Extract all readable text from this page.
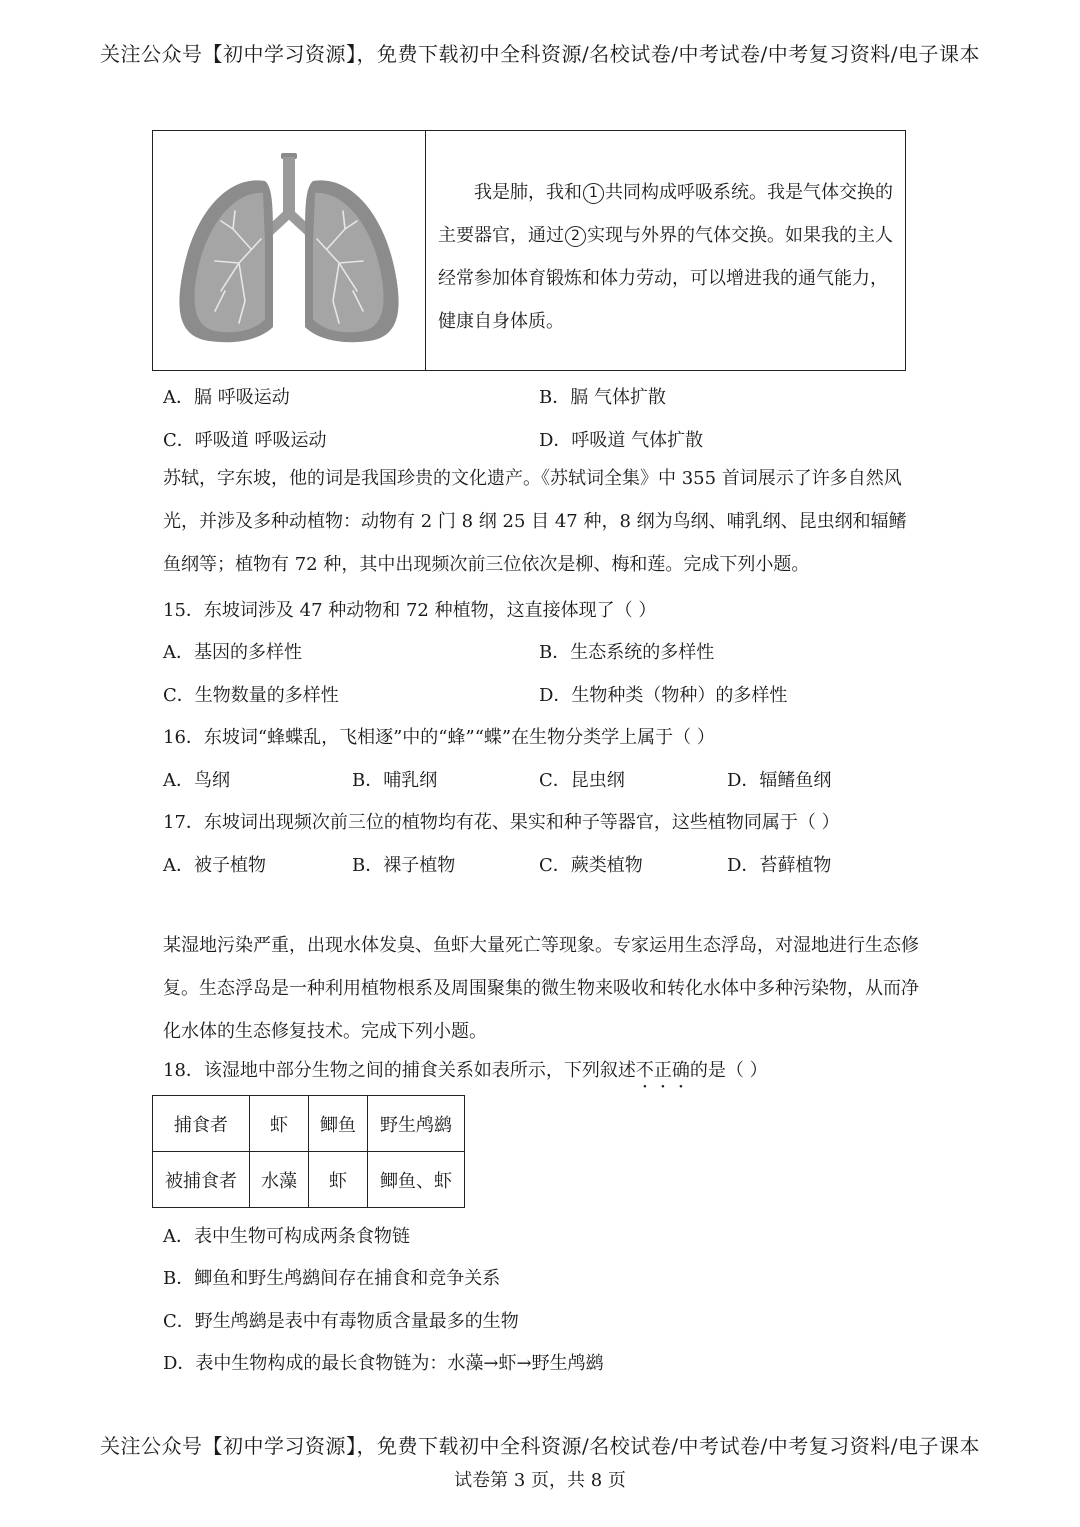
关注公众号【初中学习资源】，免费下载初中全科资源/名校试卷/中考试卷/中考复习资料/电子课本
我是肺，我和 1 共同构成呼吸系统。我是气体交换的主要器官，通过 2 实现与外界的气体交换。如果我的主人经常参加体育锻炼和体力劳动，可以增进我的通气能力，健康自身体质。
A．膈 呼吸运动	B．膈 气体扩散
C．呼吸道 呼吸运动	D．呼吸道 气体扩散
苏轼，字东坡，他的词是我国珍贵的文化遗产。《苏轼词全集》中 355 首词展示了许多自然风光，并涉及多种动植物：动物有 2 门 8 纲 25 目 47 种，8 纲为鸟纲、哺乳纲、昆虫纲和辐鳍鱼纲等；植物有 72 种，其中出现频次前三位依次是柳、梅和莲。完成下列小题。
15．东坡词涉及 47 种动物和 72 种植物，这直接体现了（ ）
A．基因的多样性	B．生态系统的多样性
C．生物数量的多样性	D．生物种类（物种）的多样性
16．东坡词“蜂蝶乱，飞相逐”中的“蜂”“蝶”在生物分类学上属于（ ）
A．鸟纲	B．哺乳纲	C．昆虫纲	D．辐鳍鱼纲
17．东坡词出现频次前三位的植物均有花、果实和种子等器官，这些植物同属于（ ）
A．被子植物	B．裸子植物	C．蕨类植物	D．苔藓植物
某湿地污染严重，出现水体发臭、鱼虾大量死亡等现象。专家运用生态浮岛，对湿地进行生态修复。生态浮岛是一种利用植物根系及周围聚集的微生物来吸收和转化水体中多种污染物，从而净化水体的生态修复技术。完成下列小题。
18．该湿地中部分生物之间的捕食关系如表所示，下列叙述不正确的是（ ）
捕食者	虾	鲫鱼	野生鸬鹚
被捕食者	水藻	虾	鲫鱼、虾
A．表中生物可构成两条食物链
B．鲫鱼和野生鸬鹚间存在捕食和竞争关系
C．野生鸬鹚是表中有毒物质含量最多的生物
D．表中生物构成的最长食物链为：水藻→虾→野生鸬鹚
关注公众号【初中学习资源】，免费下载初中全科资源/名校试卷/中考试卷/中考复习资料/电子课本
试卷第 3 页，共 8 页
